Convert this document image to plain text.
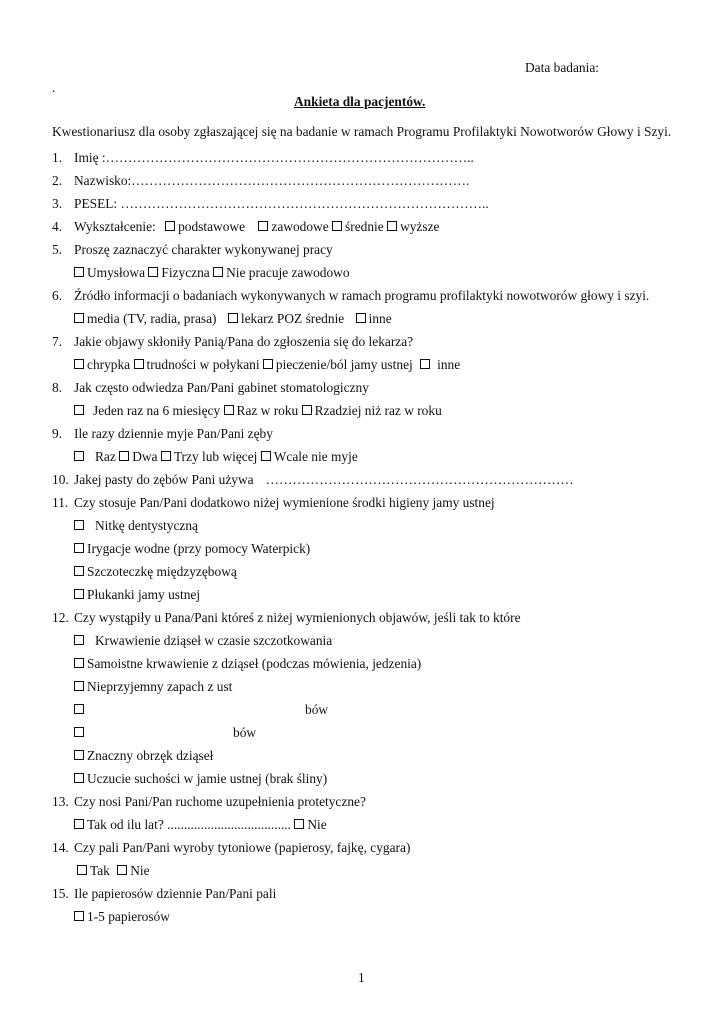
Data badania:
.
Ankieta dla pacjentów.
Kwestionariusz dla osoby zgłaszającej się na badanie w ramach Programu Profilaktyki Nowotworów Głowy i Szyi.
1. Imię :………………………………………………………………………..
2. Nazwisko:………………………………………………………………….
3. PESEL: ………………………………………………………………………..
4. Wykształcenie: podstawowe zawodowe średnie wyższe
5. Proszę zaznaczyć charakter wykonywanej pracy
Umysłowa Fizyczna Nie pracuje zawodowo
6. Źródło informacji o badaniach wykonywanych w ramach programu profilaktyki nowotworów głowy i szyi.
media (TV, radia, prasa) lekarz POZ średnie inne
7. Jakie objawy skłoniły Panią/Pana do zgłoszenia się do lekarza?
chrypka trudności w połykani pieczenie/ból jamy ustnej inne
8. Jak często odwiedza Pan/Pani gabinet stomatologiczny
Jeden raz na 6 miesięcy Raz w roku Rzadziej niż raz w roku
9. Ile razy dziennie myje Pan/Pani zęby
Raz Dwa Trzy lub więcej Wcale nie myje
10. Jakej pasty do zębów Pani używa ……………………………………………………………
11. Czy stosuje Pan/Pani dodatkowo niżej wymienione środki higieny jamy ustnej
Nitkę dentystyczną
Irygacje wodne (przy pomocy Waterpick)
Szczoteczkę międzyzębową
Płukanki jamy ustnej
12. Czy wystąpiły u Pana/Pani któreś z niżej wymienionych objawów, jeśli tak to które
Krwawienie dziąseł w czasie szczotkowania
Samoistne krwawienie z dziąseł (podczas mówienia, jedzenia)
Nieprzyjemny zapach z ust
bów
bów
Znaczny obrzęk dziąseł
Uczucie suchości w jamie ustnej (brak śliny)
13. Czy nosi Pani/Pan ruchome uzupełnienia protetyczne?
Tak od ilu lat? ..................................... Nie
14. Czy pali Pan/Pani wyroby tytoniowe (papierosy, fajkę, cygara)
Tak Nie
15. Ile papierosów dziennie Pan/Pani pali
1-5 papierosów
1
